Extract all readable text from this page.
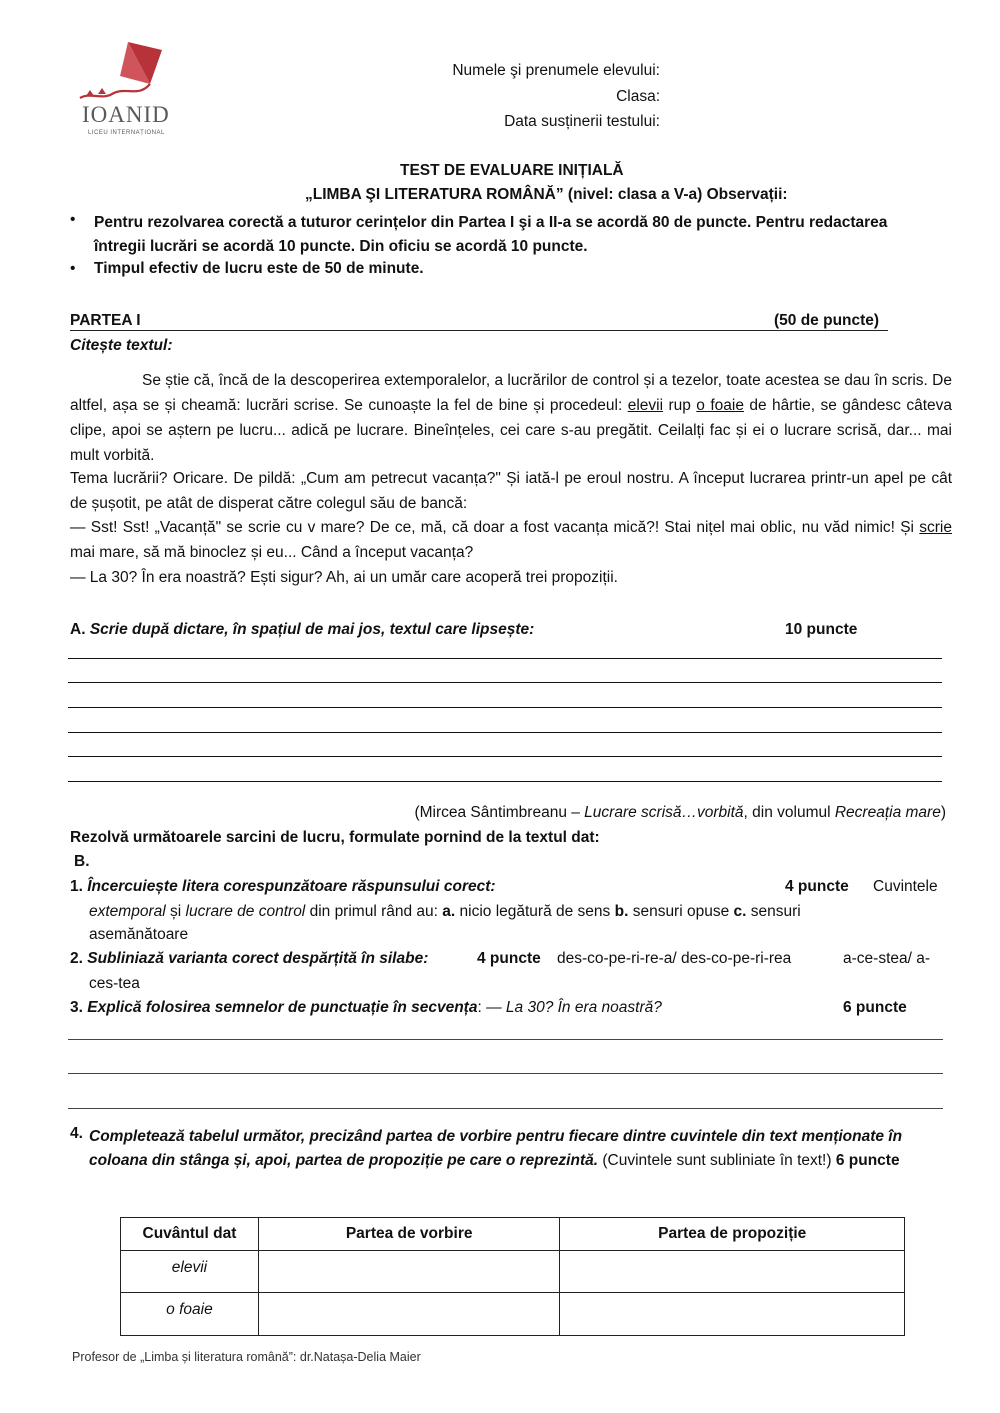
IOANID
LICEU INTERNAȚIONAL
Numele şi prenumele elevului:
Clasa:
Data susținerii testului:
TEST DE EVALUARE INIȚIALĂ
„LIMBA ŞI LITERATURA ROMÂNĂ” (nivel: clasa a V-a) Observații:
• Pentru rezolvarea corectă a tuturor cerințelor din Partea I şi a II-a se acordă 80 de puncte. Pentru redactarea întregii lucrări se acordă 10 puncte. Din oficiu se acordă 10 puncte.
• Timpul efectiv de lucru este de 50 de minute.
PARTEA I	(50 de puncte)
Citește textul:
Se știe că, încă de la descoperirea extemporalelor, a lucrărilor de control și a tezelor, toate acestea se dau în scris. De altfel, așa se și cheamă: lucrări scrise. Se cunoaște la fel de bine și procedeul: elevii rup o foaie de hârtie, se gândesc câteva clipe, apoi se aștern pe lucru... adică pe lucrare. Bineînțeles, cei care s-au pregătit. Ceilalți fac și ei o lucrare scrisă, dar... mai mult vorbită.
Tema lucrării? Oricare. De pildă: „Cum am petrecut vacanța?" Și iată-l pe eroul nostru. A început lucrarea printr-un apel pe cât de șușotit, pe atât de disperat către colegul său de bancă:
— Sst! Sst! „Vacanță" se scrie cu v mare? De ce, mă, că doar a fost vacanța mică?! Stai nițel mai oblic, nu văd nimic! Și scrie mai mare, să mă binoclez și eu... Când a început vacanța?
— La 30? În era noastră? Ești sigur? Ah, ai un umăr care acoperă trei propoziții.
A. Scrie după dictare, în spațiul de mai jos, textul care lipsește:	10 puncte
(Mircea Sântimbreanu – Lucrare scrisă…vorbită, din volumul Recreația mare)
Rezolvă următoarele sarcini de lucru, formulate pornind de la textul dat:
B.
1. Încercuiește litera corespunzătoare răspunsului corect:	4 puncte Cuvintele
extemporal și lucrare de control din primul rând au: a. nicio legătură de sens b. sensuri opuse c. sensuri
asemănătoare
2. Subliniază varianta corect despărțită în silabe:	4 puncte des-co-pe-ri-re-a/ des-co-pe-ri-rea	a-ce-stea/ a-
ces-tea
3. Explică folosirea semnelor de punctuație în secvența: — La 30? În era noastră?	6 puncte
4. Completează tabelul următor, precizând partea de vorbire pentru fiecare dintre cuvintele din text menționate în coloana din stânga și, apoi, partea de propoziție pe care o reprezintă. (Cuvintele sunt subliniate în text!) 6 puncte
Cuvântul dat	Partea de vorbire	Partea de propoziție
elevii		
o foaie		
Profesor de „Limba și literatura română”: dr.Natașa-Delia Maier
